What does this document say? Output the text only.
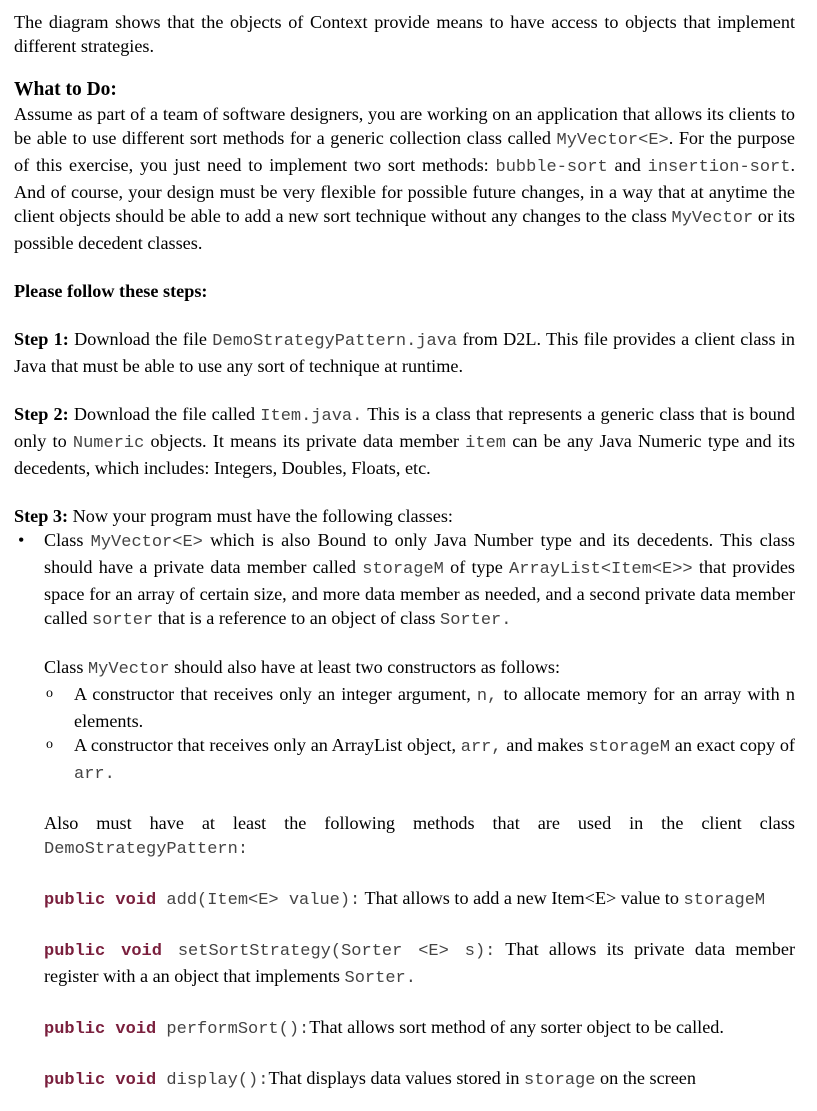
The diagram shows that the objects of Context provide means to have access to objects that implement different strategies.

What to Do:

Assume as part of a team of software designers, you are working on an application that allows its clients to be able to use different sort methods for a generic collection class called MyVector<E>. For the purpose of this exercise, you just need to implement two sort methods: bubble-sort and insertion-sort. And of course, your design must be very flexible for possible future changes, in a way that at anytime the client objects should be able to add a new sort technique without any changes to the class MyVector or its possible decedent classes.

Please follow these steps:

Step 1: Download the file DemoStrategyPattern.java from D2L. This file provides a client class in Java that must be able to use any sort of technique at runtime.

Step 2: Download the file called Item.java. This is a class that represents a generic class that is bound only to Numeric objects. It means its private data member item can be any Java Numeric type and its decedents, which includes: Integers, Doubles, Floats, etc.

Step 3: Now your program must have the following classes:

• Class MyVector<E> which is also Bound to only Java Number type and its decedents. This class should have a private data member called storageM of type ArrayList<Item<E>> that provides space for an array of certain size, and more data member as needed, and a second private data member called sorter that is a reference to an object of class Sorter.

Class MyVector should also have at least two constructors as follows:

o A constructor that receives only an integer argument, n, to allocate memory for an array with n elements.

o A constructor that receives only an ArrayList object, arr, and makes storageM an exact copy of arr.

Also must have at least the following methods that are used in the client class DemoStrategyPattern:

public void add(Item<E> value): That allows to add a new Item<E> value to storageM

public void setSortStrategy(Sorter <E> s): That allows its private data member register with a an object that implements Sorter.

public void performSort():That allows sort method of any sorter object to be called.

public void display():That displays data values stored in storage on the screen
